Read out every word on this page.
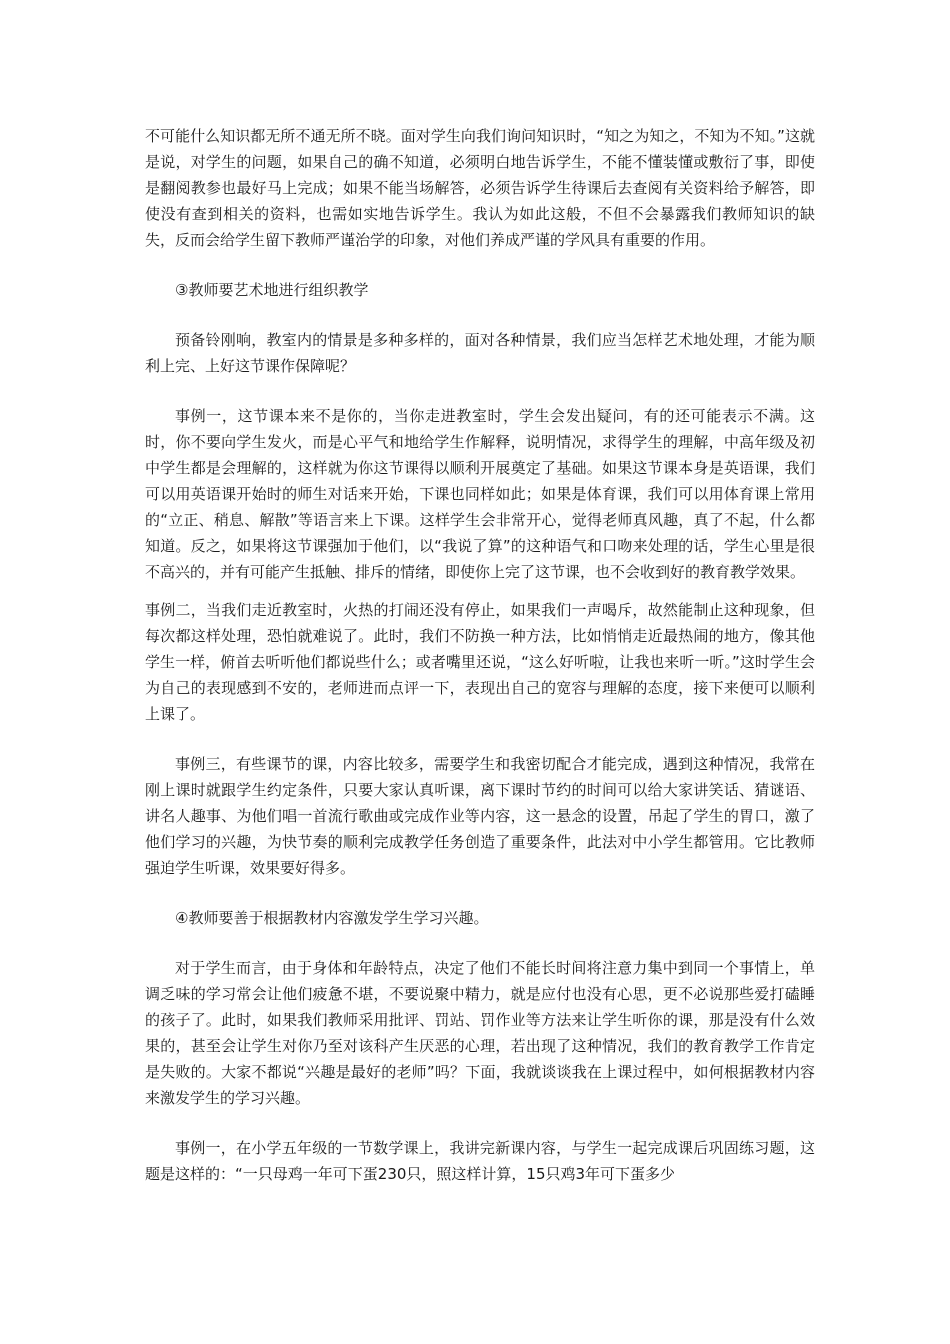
不可能什么知识都无所不通无所不晓。面对学生向我们询问知识时，“知之为知之，不知为不知。”这就是说，对学生的问题，如果自己的确不知道，必须明白地告诉学生，不能不懂装懂或敷衍了事，即使是翻阅教参也最好马上完成；如果不能当场解答，必须告诉学生待课后去查阅有关资料给予解答，即使没有查到相关的资料，也需如实地告诉学生。我认为如此这般，不但不会暴露我们教师知识的缺失，反而会给学生留下教师严谨治学的印象，对他们养成严谨的学风具有重要的作用。

③教师要艺术地进行组织教学

预备铃刚响，教室内的情景是多种多样的，面对各种情景，我们应当怎样艺术地处理，才能为顺利上完、上好这节课作保障呢？

事例一，这节课本来不是你的，当你走进教室时，学生会发出疑问，有的还可能表示不满。这时，你不要向学生发火，而是心平气和地给学生作解释，说明情况，求得学生的理解，中高年级及初中学生都是会理解的，这样就为你这节课得以顺利开展奠定了基础。如果这节课本身是英语课，我们可以用英语课开始时的师生对话来开始，下课也同样如此；如果是体育课，我们可以用体育课上常用的“立正、稍息、解散”等语言来上下课。这样学生会非常开心，觉得老师真风趣，真了不起，什么都知道。反之，如果将这节课强加于他们，以“我说了算”的这种语气和口吻来处理的话，学生心里是很不高兴的，并有可能产生抵触、排斥的情绪，即使你上完了这节课，也不会收到好的教育教学效果。

事例二，当我们走近教室时，火热的打闹还没有停止，如果我们一声喝斥，故然能制止这种现象，但每次都这样处理，恐怕就难说了。此时，我们不防换一种方法，比如悄悄走近最热闹的地方，像其他学生一样，俯首去听听他们都说些什么；或者嘴里还说，“这么好听啦，让我也来听一听。”这时学生会为自己的表现感到不安的，老师进而点评一下，表现出自己的宽容与理解的态度，接下来便可以顺利上课了。

事例三，有些课节的课，内容比较多，需要学生和我密切配合才能完成，遇到这种情况，我常在刚上课时就跟学生约定条件，只要大家认真听课，离下课时节约的时间可以给大家讲笑话、猜谜语、讲名人趣事、为他们唱一首流行歌曲或完成作业等内容，这一悬念的设置，吊起了学生的胃口，激了他们学习的兴趣，为快节奏的顺利完成教学任务创造了重要条件，此法对中小学生都管用。它比教师强迫学生听课，效果要好得多。

④教师要善于根据教材内容激发学生学习兴趣。

对于学生而言，由于身体和年龄特点，决定了他们不能长时间将注意力集中到同一个事情上，单调乏味的学习常会让他们疲惫不堪，不要说聚中精力，就是应付也没有心思，更不必说那些爱打磕睡的孩子了。此时，如果我们教师采用批评、罚站、罚作业等方法来让学生听你的课，那是没有什么效果的，甚至会让学生对你乃至对该科产生厌恶的心理，若出现了这种情况，我们的教育教学工作肯定是失败的。大家不都说“兴趣是最好的老师”吗？下面，我就谈谈我在上课过程中，如何根据教材内容来激发学生的学习兴趣。

事例一，在小学五年级的一节数学课上，我讲完新课内容，与学生一起完成课后巩固练习题，这题是这样的：“一只母鸡一年可下蛋230只，照这样计算，15只鸡3年可下蛋多少
